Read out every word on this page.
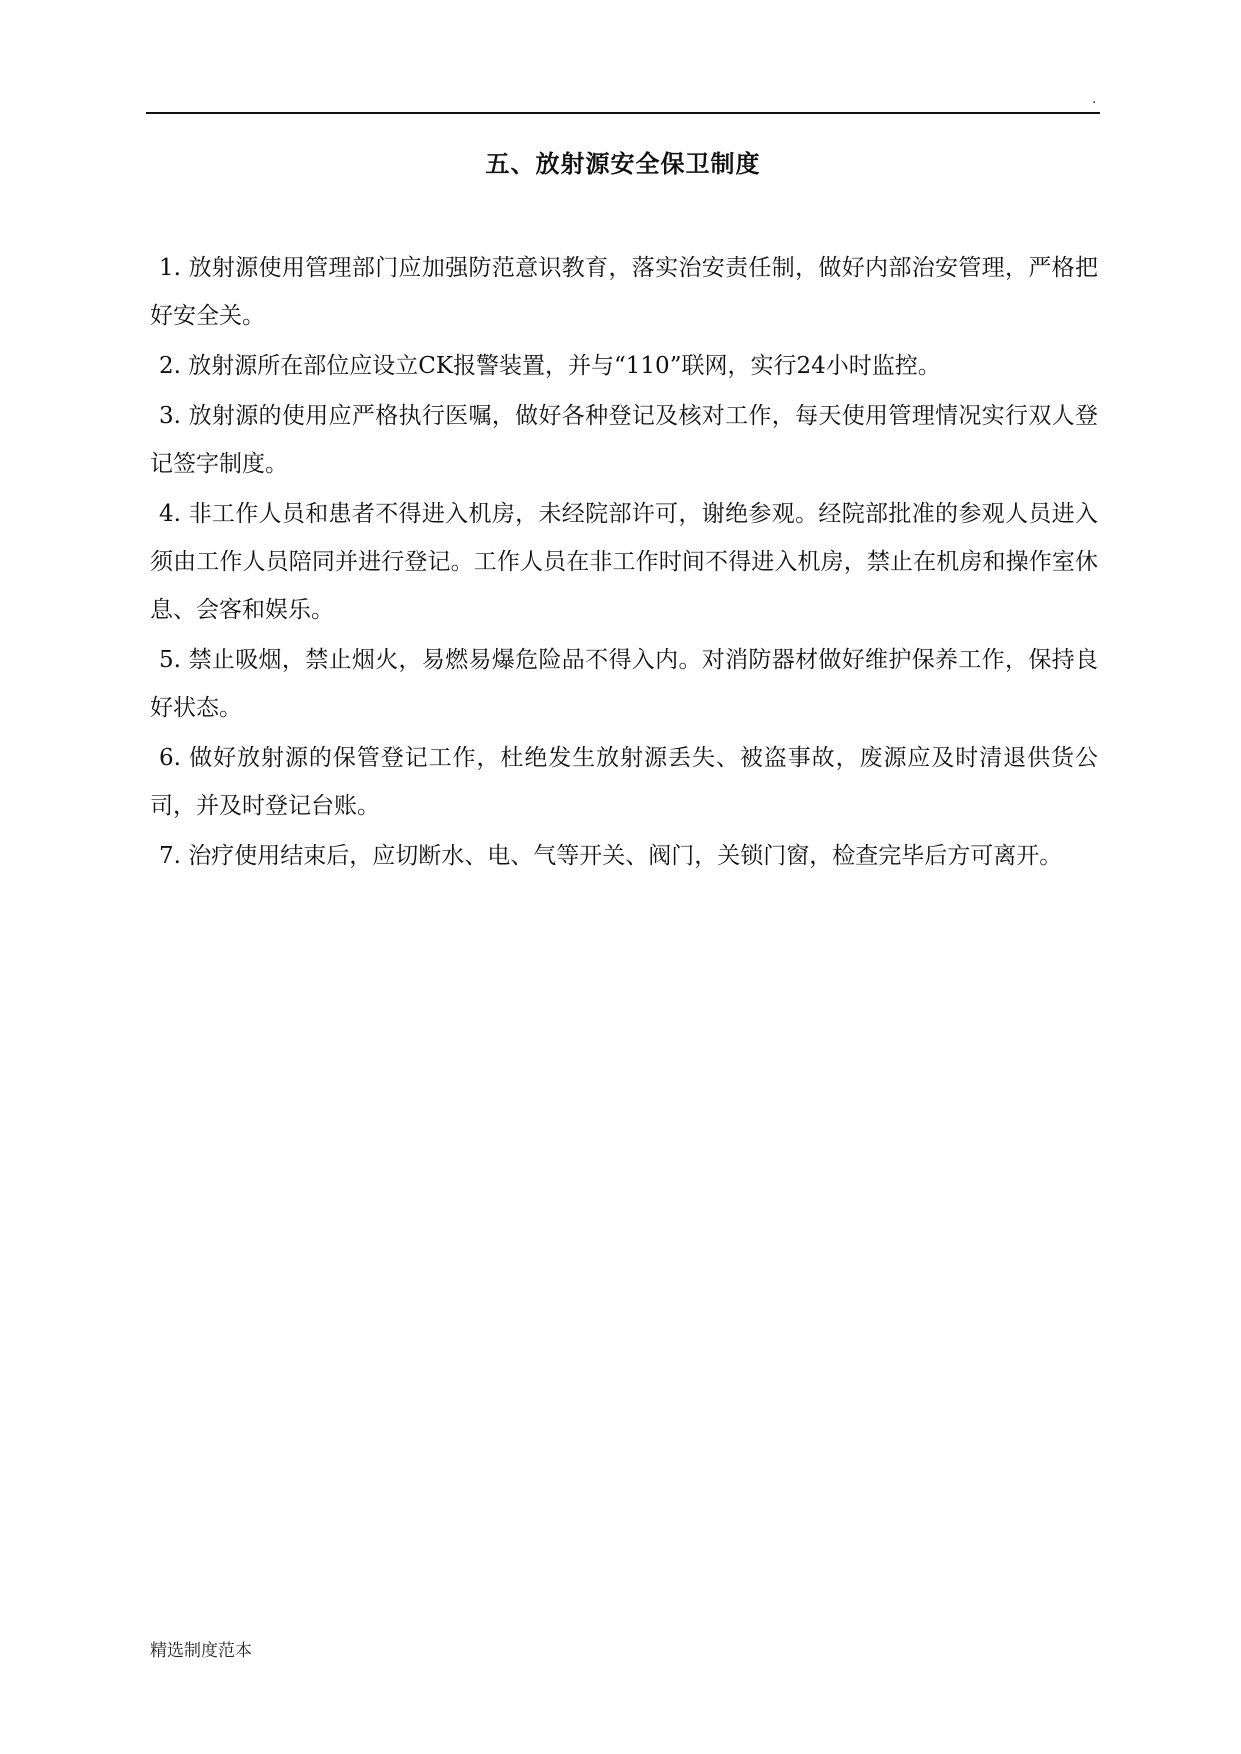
.
五、放射源安全保卫制度

1. 放射源使用管理部门应加强防范意识教育，落实治安责任制，做好内部治安管理，严格把好安全关。

2. 放射源所在部位应设立CK报警装置，并与“110”联网，实行24小时监控。

3. 放射源的使用应严格执行医嘱，做好各种登记及核对工作，每天使用管理情况实行双人登记签字制度。

4. 非工作人员和患者不得进入机房，未经院部许可，谢绝参观。经院部批准的参观人员进入须由工作人员陪同并进行登记。工作人员在非工作时间不得进入机房，禁止在机房和操作室休息、会客和娱乐。

5. 禁止吸烟，禁止烟火，易燃易爆危险品不得入内。对消防器材做好维护保养工作，保持良好状态。

6. 做好放射源的保管登记工作，杜绝发生放射源丢失、被盗事故，废源应及时清退供货公司，并及时登记台账。

7. 治疗使用结束后，应切断水、电、气等开关、阀门，关锁门窗，检查完毕后方可离开。

精选制度范本
